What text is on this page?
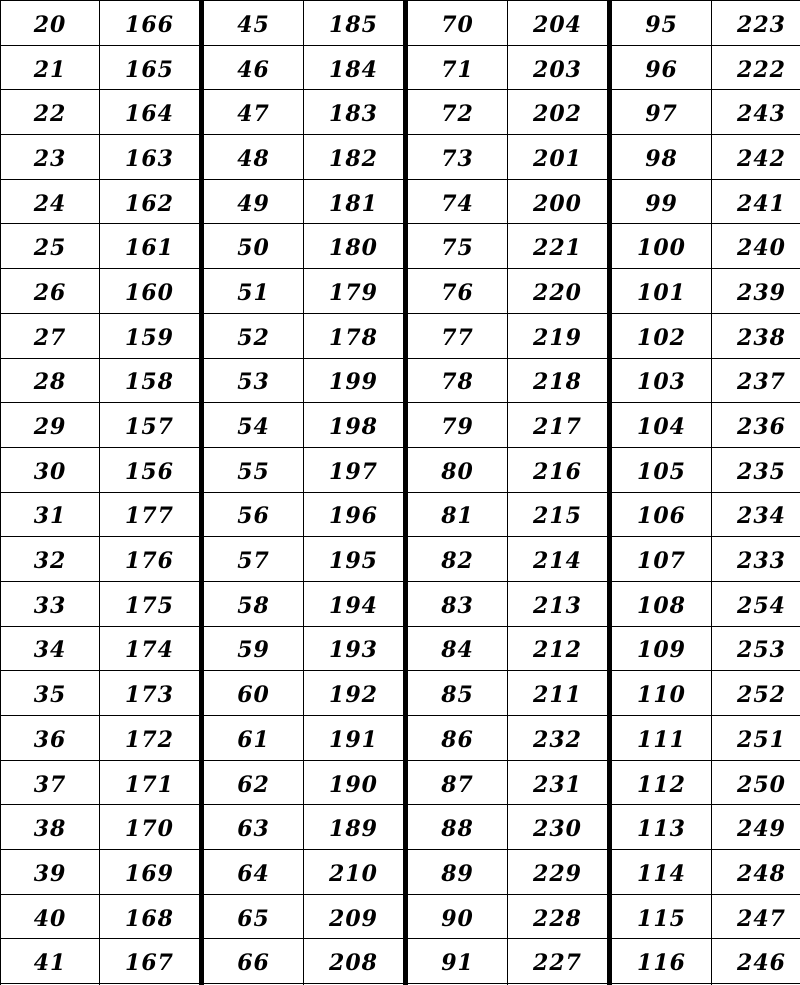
20
21
22
23
24
25
26
27
28
29
30
31
32
33
34
35
36
37
38
39
40
41
166
165
164
163
162
161
160
159
158
157
156
177
176
175
174
173
172
171
170
169
168
167
45
46
47
48
49
50
51
52
53
54
55
56
57
58
59
60
61
62
63
64
65
66
185
184
183
182
181
180
179
178
199
198
197
196
195
194
193
192
191
190
189
210
209
208
70
71
72
73
74
75
76
77
78
79
80
81
82
83
84
85
86
87
88
89
90
91
204
203
202
201
200
221
220
219
218
217
216
215
214
213
212
211
232
231
230
229
228
227
95
96
97
98
99
100
101
102
103
104
105
106
107
108
109
110
111
112
113
114
115
116
223
222
243
242
241
240
239
238
237
236
235
234
233
254
253
252
251
250
249
248
247
246
